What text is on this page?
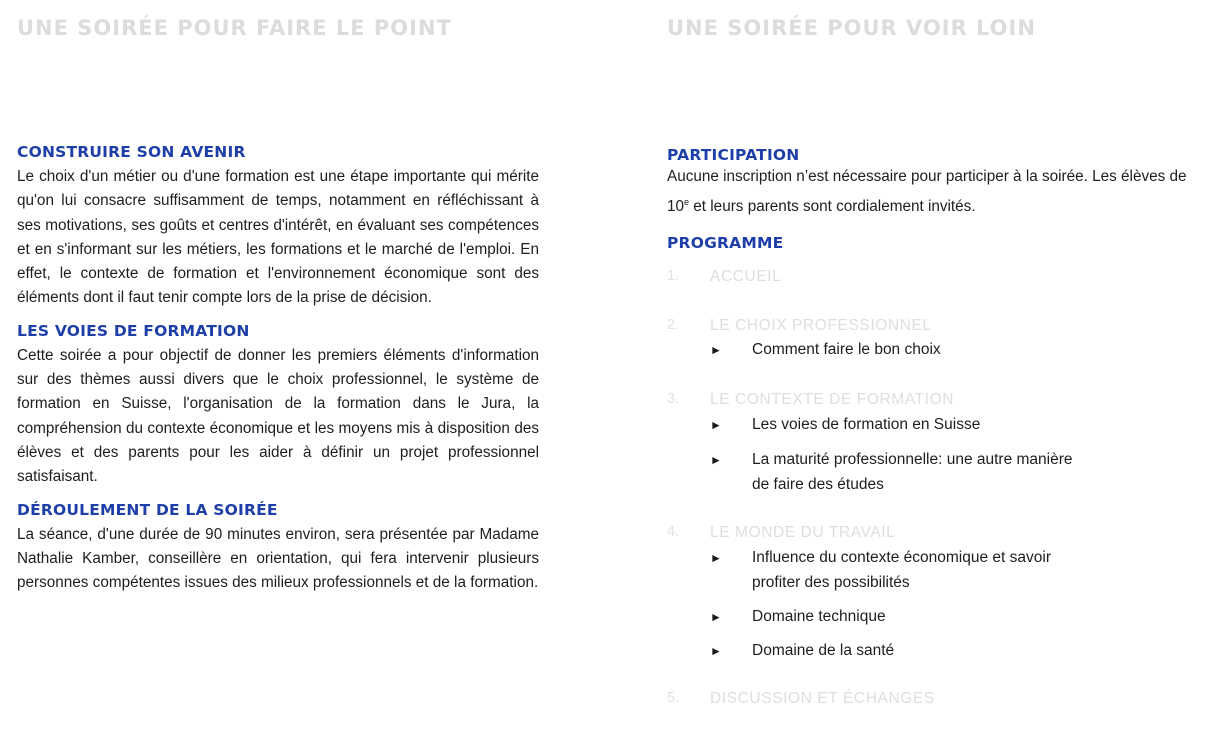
UNE SOIRÉE POUR FAIRE LE POINT
CONSTRUIRE SON AVENIR

Le choix d'un métier ou d'une formation est une étape importante qui mérite qu'on lui consacre suffisamment de temps, notamment en réfléchissant à ses motivations, ses goûts et centres d'intérêt, en évaluant ses compétences et en s'informant sur les métiers, les formations et le marché de l'emploi. En effet, le contexte de formation et l'environnement économique sont des éléments dont il faut tenir compte lors de la prise de décision.

LES VOIES DE FORMATION

Cette soirée a pour objectif de donner les premiers éléments d'information sur des thèmes aussi divers que le choix professionnel, le système de formation en Suisse, l'organisation de la formation dans le Jura, la compréhension du contexte économique et les moyens mis à disposition des élèves et des parents pour les aider à définir un projet professionnel satisfaisant.

DÉROULEMENT DE LA SOIRÉE

La séance, d'une durée de 90 minutes environ, sera présentée par Madame Nathalie Kamber, conseillère en orientation, qui fera intervenir plusieurs personnes compétentes issues des milieux professionnels et de la formation.

UNE SOIRÉE POUR VOIR LOIN
PARTICIPATION

Aucune inscription n’est nécessaire pour participer à la soirée. Les élèves de 10e et leurs parents sont cordialement invités.

PROGRAMME
1. ACCUEIL
2. LE CHOIX PROFESSIONNEL
► Comment faire le bon choix
3. LE CONTEXTE DE FORMATION
► Les voies de formation en Suisse
► La maturité professionnelle: une autre manière de faire des études
4. LE MONDE DU TRAVAIL
► Influence du contexte économique et savoir profiter des possibilités
► Domaine technique
► Domaine de la santé
5. DISCUSSION ET ÉCHANGES
